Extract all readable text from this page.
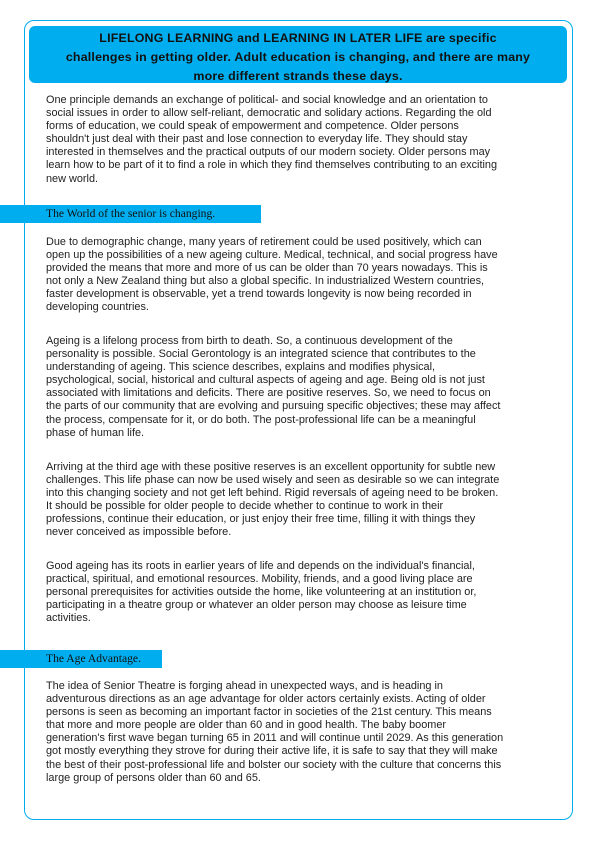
LIFELONG LEARNING and LEARNING IN LATER LIFE are specific
challenges in getting older. Adult education is changing, and there are many
more different strands these days.
One principle demands an exchange of political- and social knowledge and an orientation to
social issues in order to allow self-reliant, democratic and solidary actions. Regarding the old
forms of education, we could speak of empowerment and competence. Older persons
shouldn't just deal with their past and lose connection to everyday life. They should stay
interested in themselves and the practical outputs of our modern society. Older persons may
learn how to be part of it to find a role in which they find themselves contributing to an exciting
new world.
The World of the senior is changing.
Due to demographic change, many years of retirement could be used positively, which can
open up the possibilities of a new ageing culture. Medical, technical, and social progress have
provided the means that more and more of us can be older than 70 years nowadays. This is
not only a New Zealand thing but also a global specific. In industrialized Western countries,
faster development is observable, yet a trend towards longevity is now being recorded in
developing countries.
Ageing is a lifelong process from birth to death. So, a continuous development of the
personality is possible. Social Gerontology is an integrated science that contributes to the
understanding of ageing. This science describes, explains and modifies physical,
psychological, social, historical and cultural aspects of ageing and age. Being old is not just
associated with limitations and deficits. There are positive reserves. So, we need to focus on
the parts of our community that are evolving and pursuing specific objectives; these may affect
the process, compensate for it, or do both. The post-professional life can be a meaningful
phase of human life.
Arriving at the third age with these positive reserves is an excellent opportunity for subtle new
challenges. This life phase can now be used wisely and seen as desirable so we can integrate
into this changing society and not get left behind. Rigid reversals of ageing need to be broken.
It should be possible for older people to decide whether to continue to work in their
professions, continue their education, or just enjoy their free time, filling it with things they
never conceived as impossible before.
Good ageing has its roots in earlier years of life and depends on the individual's financial,
practical, spiritual, and emotional resources. Mobility, friends, and a good living place are
personal prerequisites for activities outside the home, like volunteering at an institution or,
participating in a theatre group or whatever an older person may choose as leisure time
activities.
The Age Advantage.
The idea of Senior Theatre is forging ahead in unexpected ways, and is heading in
adventurous directions as an age advantage for older actors certainly exists. Acting of older
persons is seen as becoming an important factor in societies of the 21st century. This means
that more and more people are older than 60 and in good health. The baby boomer
generation's first wave began turning 65 in 2011 and will continue until 2029. As this generation
got mostly everything they strove for during their active life, it is safe to say that they will make
the best of their post-professional life and bolster our society with the culture that concerns this
large group of persons older than 60 and 65.
